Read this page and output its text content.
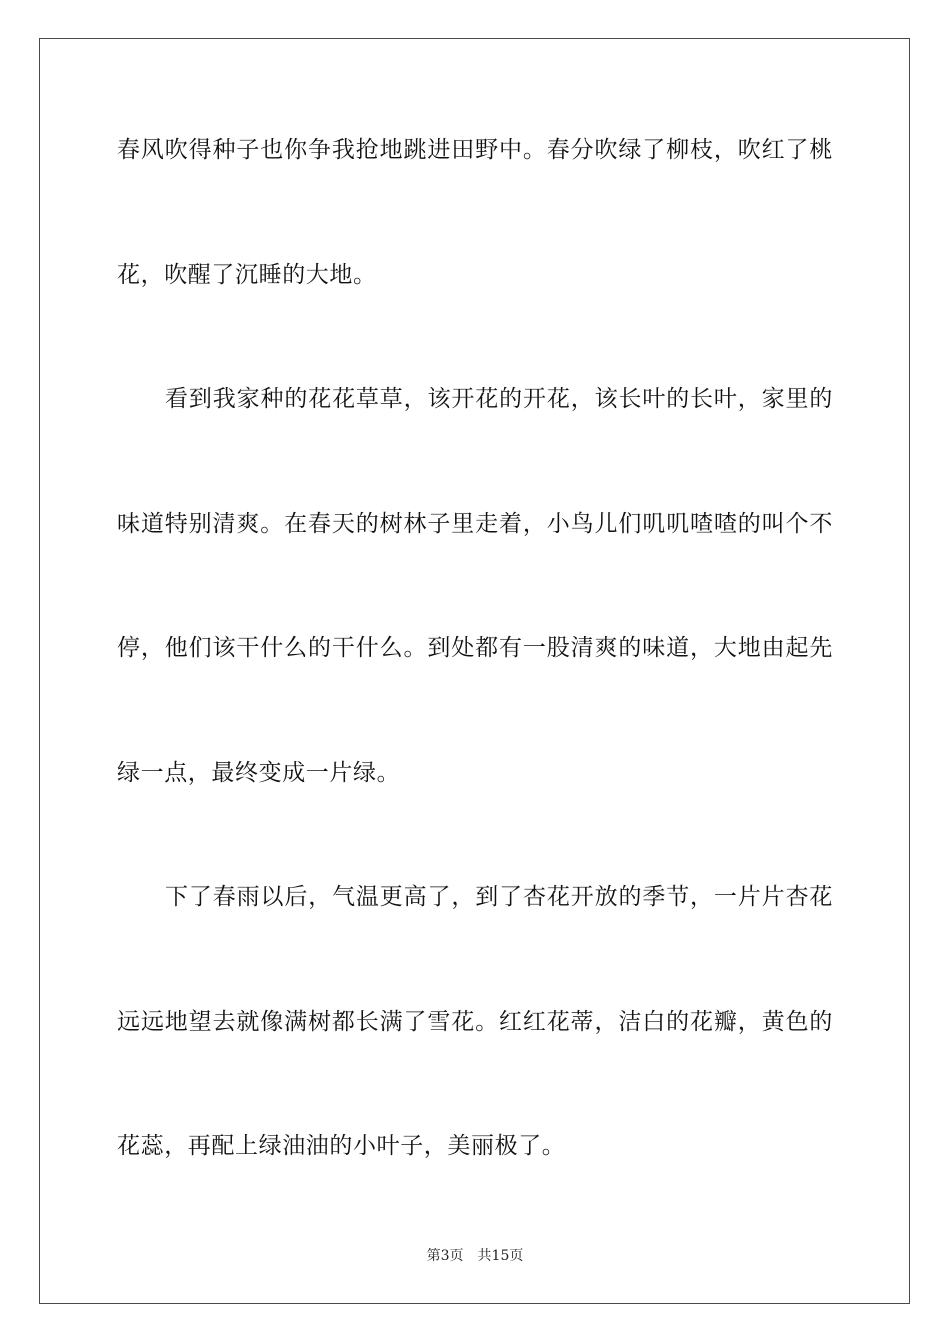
春风吹得种子也你争我抢地跳进田野中。春分吹绿了柳枝，吹红了桃
花，吹醒了沉睡的大地。
看到我家种的花花草草，该开花的开花，该长叶的长叶，家里的
味道特别清爽。在春天的树林子里走着，小鸟儿们叽叽喳喳的叫个不
停，他们该干什么的干什么。到处都有一股清爽的味道，大地由起先
绿一点，最终变成一片绿。
下了春雨以后，气温更高了，到了杏花开放的季节，一片片杏花
远远地望去就像满树都长满了雪花。红红花蒂，洁白的花瓣，黄色的
花蕊，再配上绿油油的小叶子，美丽极了。
第3页 共15页
